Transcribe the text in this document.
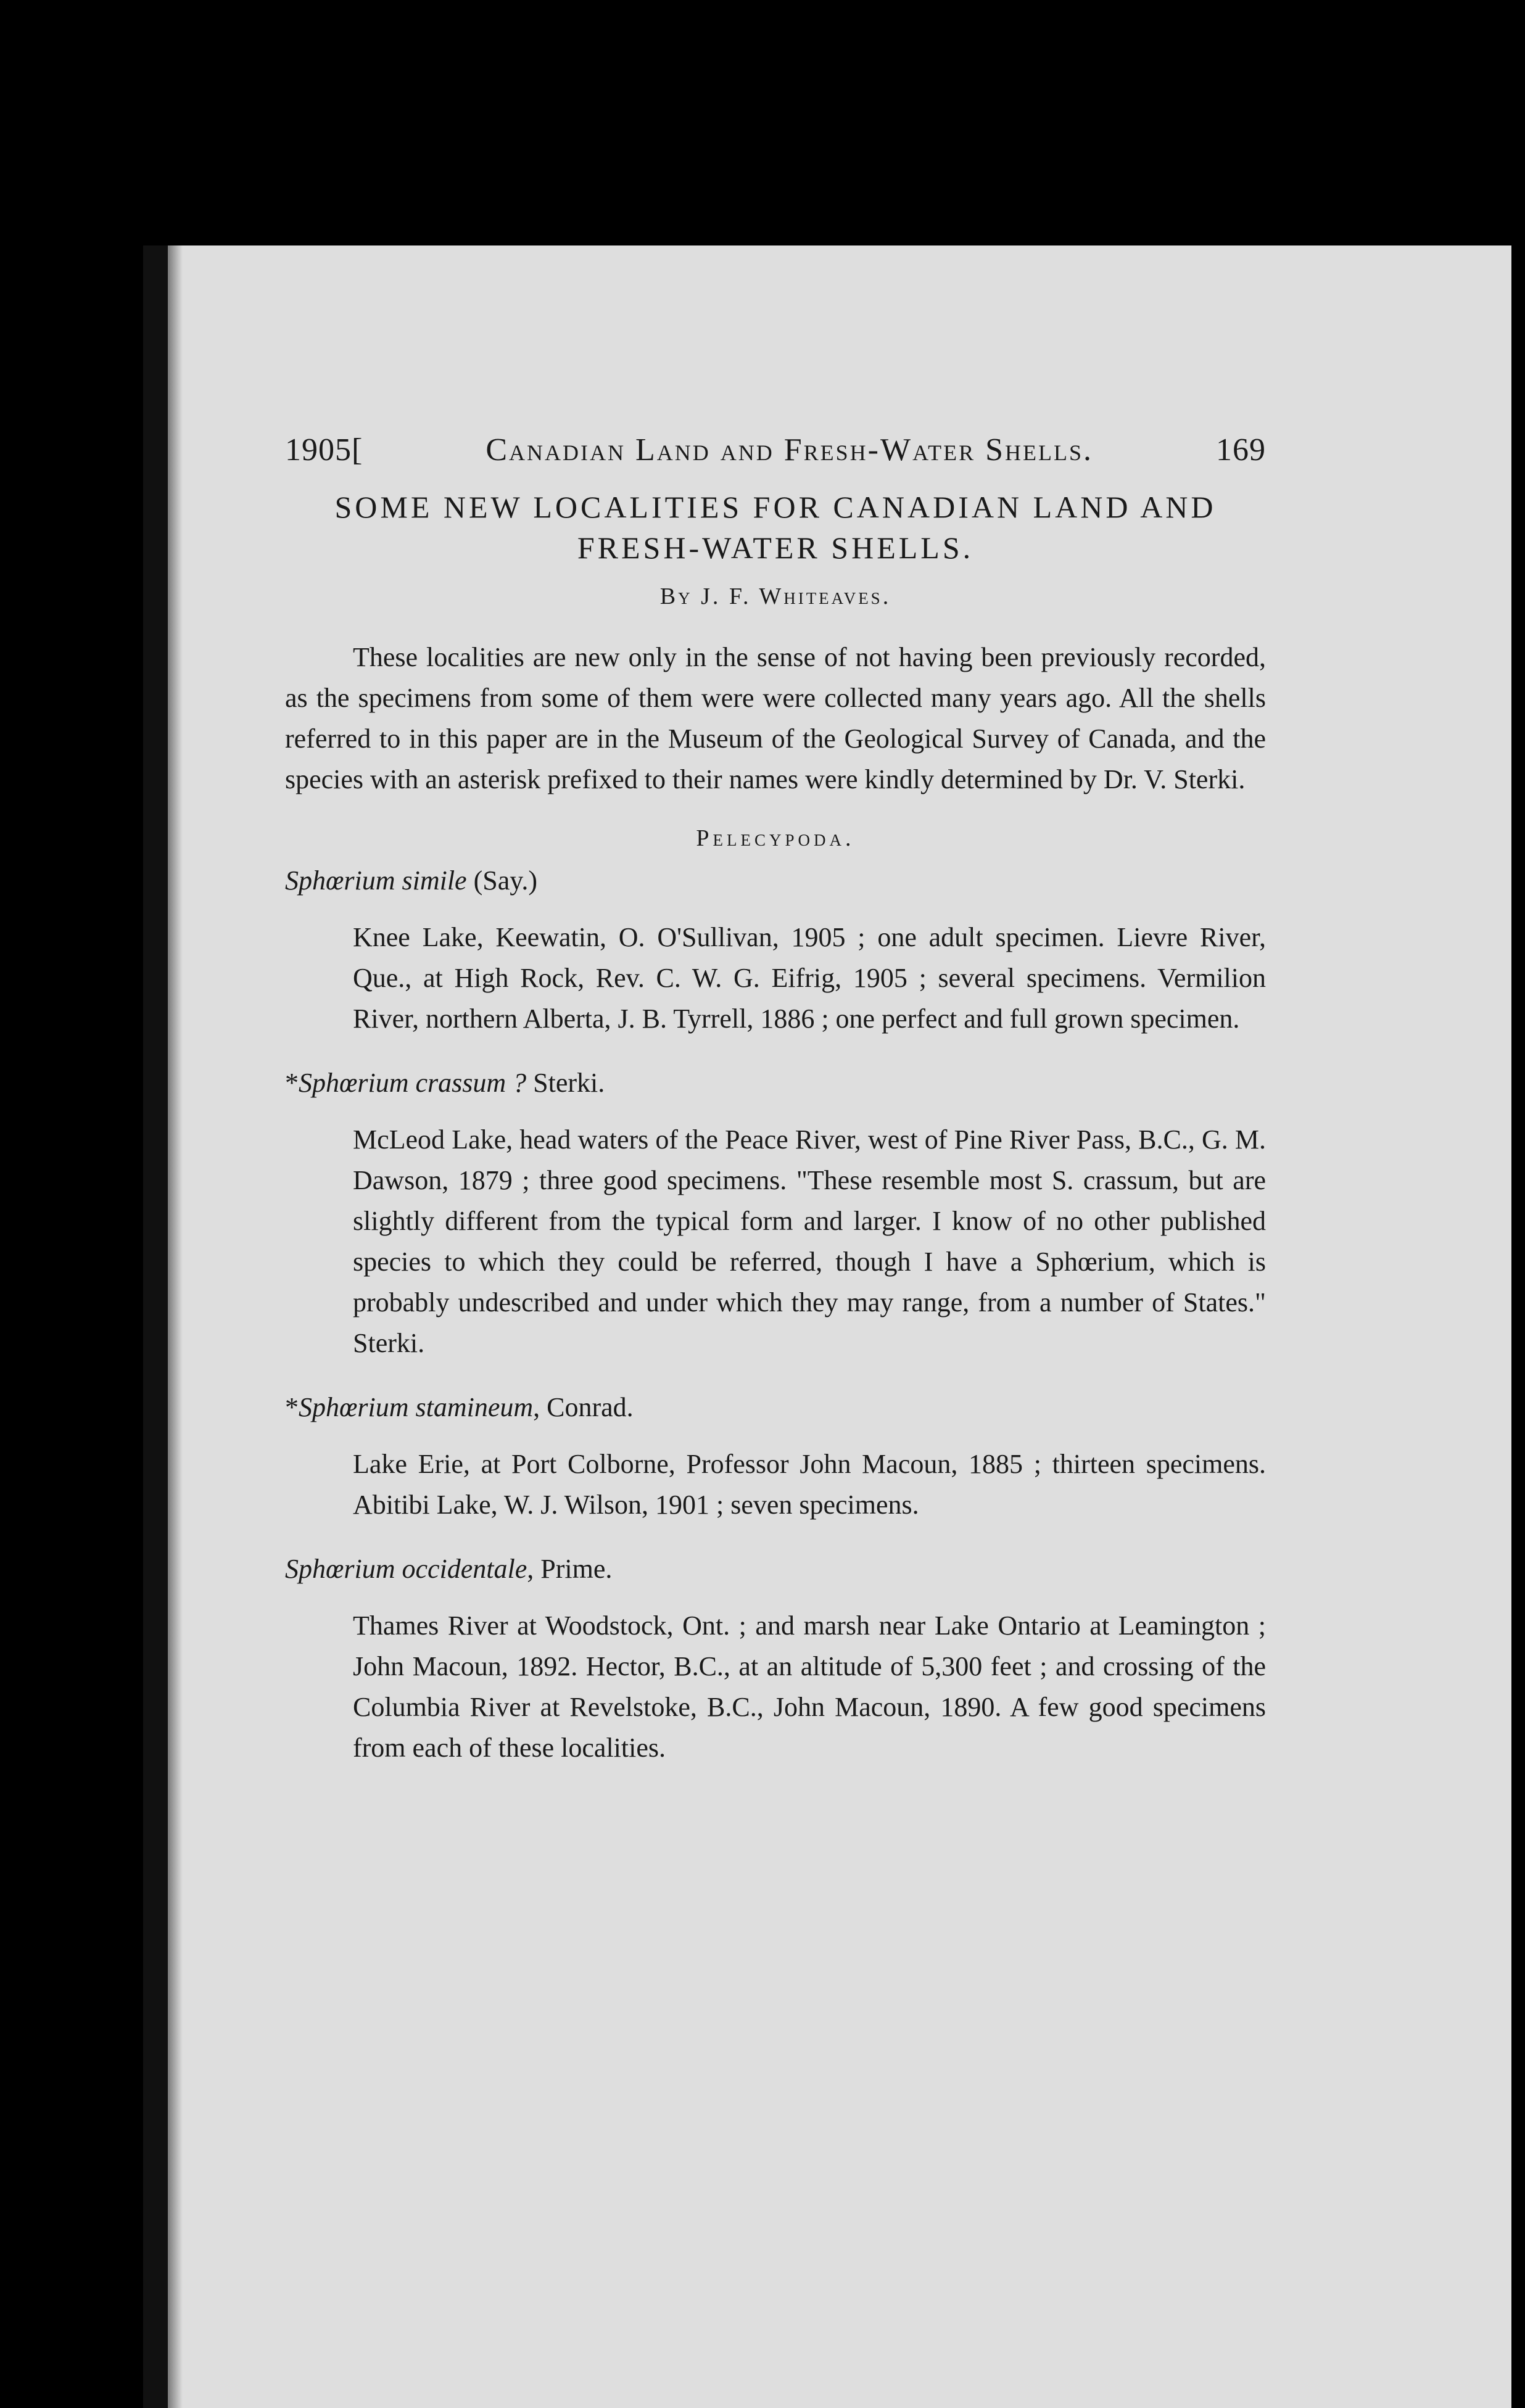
1905[	Canadian Land and Fresh-Water Shells.	169
SOME NEW LOCALITIES FOR CANADIAN LAND AND
FRESH-WATER SHELLS.
By J. F. Whiteaves.

These localities are new only in the sense of not having been previously recorded, as the specimens from some of them were were collected many years ago. All the shells referred to in this paper are in the Museum of the Geological Survey of Canada, and the species with an asterisk prefixed to their names were kindly determined by Dr. V. Sterki.

Pelecypoda.
Sphœrium simile (Say.)

Knee Lake, Keewatin, O. O'Sullivan, 1905 ; one adult specimen. Lievre River, Que., at High Rock, Rev. C. W. G. Eifrig, 1905 ; several specimens. Vermilion River, northern Alberta, J. B. Tyrrell, 1886 ; one perfect and full grown specimen.

*Sphœrium crassum ? Sterki.

McLeod Lake, head waters of the Peace River, west of Pine River Pass, B.C., G. M. Dawson, 1879 ; three good specimens. "These resemble most S. crassum, but are slightly different from the typical form and larger. I know of no other published species to which they could be referred, though I have a Sphœrium, which is probably undescribed and under which they may range, from a number of States." Sterki.

*Sphœrium stamineum, Conrad.

Lake Erie, at Port Colborne, Professor John Macoun, 1885 ; thirteen specimens. Abitibi Lake, W. J. Wilson, 1901 ; seven specimens.

Sphœrium occidentale, Prime.

Thames River at Woodstock, Ont. ; and marsh near Lake Ontario at Leamington ; John Macoun, 1892. Hector, B.C., at an altitude of 5,300 feet ; and crossing of the Columbia River at Revelstoke, B.C., John Macoun, 1890. A few good specimens from each of these localities.
